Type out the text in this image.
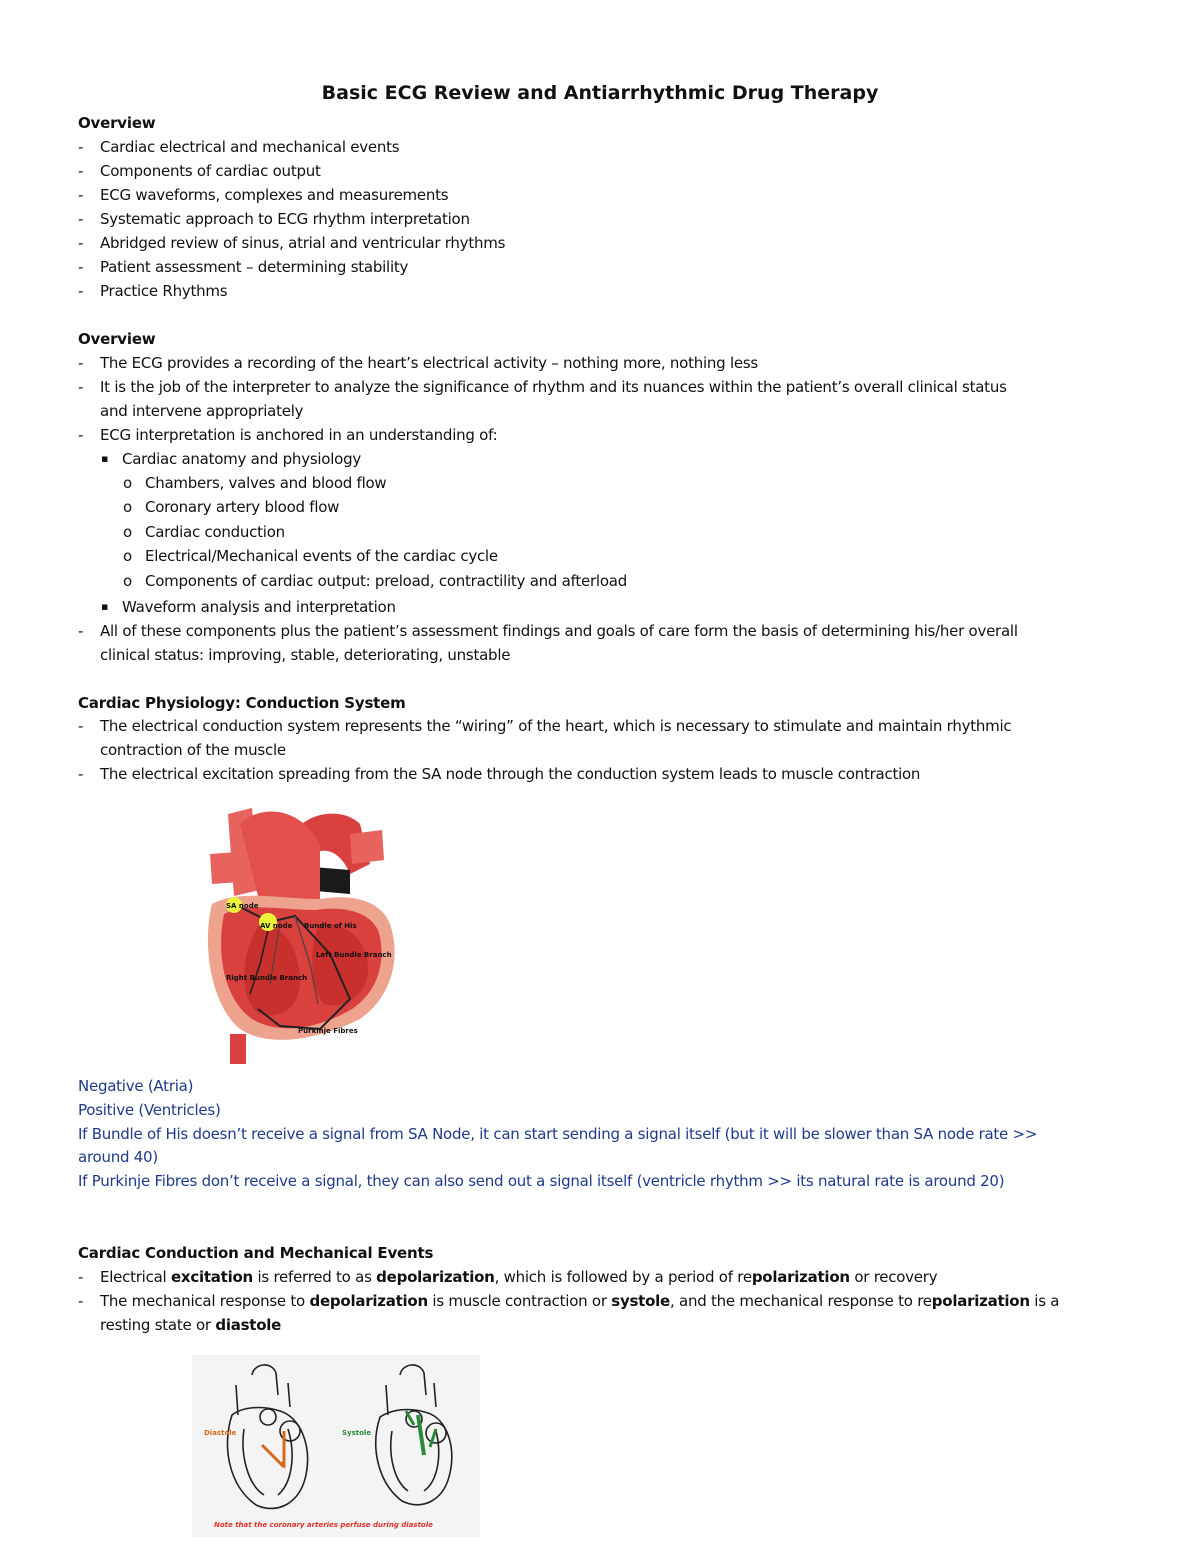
Basic ECG Review and Antiarrhythmic Drug Therapy
Overview
- Cardiac electrical and mechanical events
- Components of cardiac output
- ECG waveforms, complexes and measurements
- Systematic approach to ECG rhythm interpretation
- Abridged review of sinus, atrial and ventricular rhythms
- Patient assessment – determining stability
- Practice Rhythms
Overview
- The ECG provides a recording of the heart’s electrical activity – nothing more, nothing less
- It is the job of the interpreter to analyze the significance of rhythm and its nuances within the patient’s overall clinical status
and intervene appropriately
- ECG interpretation is anchored in an understanding of:
▪ Cardiac anatomy and physiology
o Chambers, valves and blood flow
o Coronary artery blood flow
o Cardiac conduction
o Electrical/Mechanical events of the cardiac cycle
o Components of cardiac output: preload, contractility and afterload
▪ Waveform analysis and interpretation
- All of these components plus the patient’s assessment findings and goals of care form the basis of determining his/her overall
clinical status: improving, stable, deteriorating, unstable
Cardiac Physiology: Conduction System
- The electrical conduction system represents the “wiring” of the heart, which is necessary to stimulate and maintain rhythmic
contraction of the muscle
- The electrical excitation spreading from the SA node through the conduction system leads to muscle contraction
SA node
AV node Bundle of His
Left Bundle Branch
Right Bundle Branch
Purkinje Fibres
Negative (Atria)
Positive (Ventricles)
If Bundle of His doesn’t receive a signal from SA Node, it can start sending a signal itself (but it will be slower than SA node rate >>
around 40)
If Purkinje Fibres don’t receive a signal, they can also send out a signal itself (ventricle rhythm >> its natural rate is around 20)
Cardiac Conduction and Mechanical Events
- Electrical excitation is referred to as depolarization, which is followed by a period of repolarization or recovery
- The mechanical response to depolarization is muscle contraction or systole, and the mechanical response to repolarization is a
resting state or diastole
Diastole	Systole
Note that the coronary arteries perfuse during diastole
